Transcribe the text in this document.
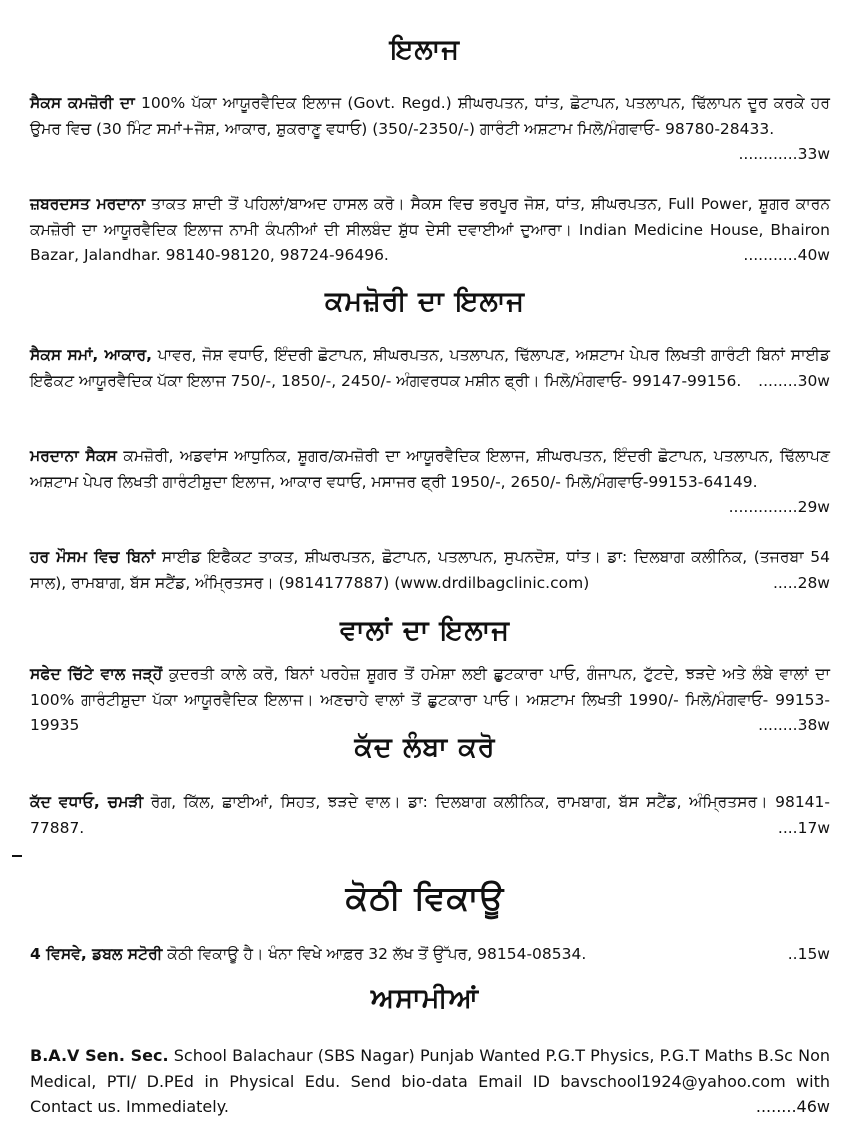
ਇਲਾਜ
ਸੈਕਸ ਕਮਜ਼ੋਰੀ ਦਾ 100% ਪੱਕਾ ਆਯੂਰਵੈਦਿਕ ਇਲਾਜ (Govt. Regd.) ਸ਼ੀਘਰਪਤਨ, ਧਾਂਤ, ਛੋਟਾਪਨ, ਪਤਲਾਪਨ, ਢਿੱਲਾਪਨ ਦੂਰ ਕਰਕੇ ਹਰ ਉਮਰ ਵਿਚ (30 ਮਿੰਟ ਸਮਾਂ+ਜੋਸ਼, ਆਕਾਰ, ਸ਼ੁਕਰਾਣੂ ਵਧਾਓ) (350/-2350/-) ਗਾਰੰਟੀ ਅਸ਼ਟਾਮ ਮਿਲੋ/ਮੰਗਵਾਓ- 98780-28433.
............33w
ਜ਼ਬਰਦਸਤ ਮਰਦਾਨਾ ਤਾਕਤ ਸ਼ਾਦੀ ਤੋਂ ਪਹਿਲਾਂ/ਬਾਅਦ ਹਾਸਲ ਕਰੋ। ਸੈਕਸ ਵਿਚ ਭਰਪੂਰ ਜੋਸ਼, ਧਾਂਤ, ਸ਼ੀਘਰਪਤਨ, Full Power, ਸ਼ੂਗਰ ਕਾਰਨ ਕਮਜ਼ੋਰੀ ਦਾ ਆਯੂਰਵੈਦਿਕ ਇਲਾਜ ਨਾਮੀ ਕੰਪਨੀਆਂ ਦੀ ਸੀਲਬੰਦ ਸ਼ੁੱਧ ਦੇਸੀ ਦਵਾਈਆਂ ਦੁਆਰਾ। Indian Medicine House, Bhairon Bazar, Jalandhar. 98140-98120, 98724-96496.	...........40w
ਕਮਜ਼ੋਰੀ ਦਾ ਇਲਾਜ
ਸੈਕਸ ਸਮਾਂ, ਆਕਾਰ, ਪਾਵਰ, ਜੋਸ਼ ਵਧਾਓ, ਇੰਦਰੀ ਛੋਟਾਪਨ, ਸ਼ੀਘਰਪਤਨ, ਪਤਲਾਪਨ, ਢਿੱਲਾਪਣ, ਅਸ਼ਟਾਮ ਪੇਪਰ ਲਿਖਤੀ ਗਾਰੰਟੀ ਬਿਨਾਂ ਸਾਈਡ ਇਫੈਕਟ ਆਯੂਰਵੈਦਿਕ ਪੱਕਾ ਇਲਾਜ 750/-, 1850/-, 2450/- ਅੰਗਵਰਧਕ ਮਸ਼ੀਨ ਫ੍ਰੀ। ਮਿਲੋ/ਮੰਗਵਾਓ- 99147-99156. ........30w
ਮਰਦਾਨਾ ਸੈਕਸ ਕਮਜ਼ੋਰੀ, ਅਡਵਾਂਸ ਆਧੁਨਿਕ, ਸ਼ੂਗਰ/ਕਮਜ਼ੋਰੀ ਦਾ ਆਯੂਰਵੈਦਿਕ ਇਲਾਜ, ਸ਼ੀਘਰਪਤਨ, ਇੰਦਰੀ ਛੋਟਾਪਨ, ਪਤਲਾਪਨ, ਢਿੱਲਾਪਣ ਅਸ਼ਟਾਮ ਪੇਪਰ ਲਿਖਤੀ ਗਾਰੰਟੀਸ਼ੁਦਾ ਇਲਾਜ, ਆਕਾਰ ਵਧਾਓ, ਮਸਾਜਰ ਫ੍ਰੀ 1950/-, 2650/- ਮਿਲੋ/ਮੰਗਵਾਓ-99153-64149.
..............29w
ਹਰ ਮੌਸਮ ਵਿਚ ਬਿਨਾਂ ਸਾਈਡ ਇਫੈਕਟ ਤਾਕਤ, ਸ਼ੀਘਰਪਤਨ, ਛੋਟਾਪਨ, ਪਤਲਾਪਨ, ਸੁਪਨਦੋਸ਼, ਧਾਂਤ। ਡਾ: ਦਿਲਬਾਗ ਕਲੀਨਿਕ, (ਤਜਰਬਾ 54 ਸਾਲ), ਰਾਮਬਾਗ, ਬੱਸ ਸਟੈਂਡ, ਅੰਮ੍ਰਿਤਸਰ। (9814177887) (www.drdilbagclinic.com)	.....28w
ਵਾਲਾਂ ਦਾ ਇਲਾਜ
ਸਫੇਦ ਚਿੱਟੇ ਵਾਲ ਜੜ੍ਹੋਂ ਕੁਦਰਤੀ ਕਾਲੇ ਕਰੋ, ਬਿਨਾਂ ਪਰਹੇਜ਼ ਸ਼ੂਗਰ ਤੋਂ ਹਮੇਸ਼ਾ ਲਈ ਛੁਟਕਾਰਾ ਪਾਓ, ਗੰਜਾਪਨ, ਟੁੱਟਦੇ, ਝੜਦੇ ਅਤੇ ਲੰਬੇ ਵਾਲਾਂ ਦਾ 100% ਗਾਰੰਟੀਸ਼ੁਦਾ ਪੱਕਾ ਆਯੂਰਵੈਦਿਕ ਇਲਾਜ। ਅਣਚਾਹੇ ਵਾਲਾਂ ਤੋਂ ਛੁਟਕਾਰਾ ਪਾਓ। ਅਸ਼ਟਾਮ ਲਿਖਤੀ 1990/- ਮਿਲੋ/ਮੰਗਵਾਓ- 99153-19935	........38w
ਕੱਦ ਲੰਬਾ ਕਰੋ
ਕੱਦ ਵਧਾਓ, ਚਮੜੀ ਰੋਗ, ਕਿੱਲ, ਛਾਈਆਂ, ਸਿਹਤ, ਝੜਦੇ ਵਾਲ। ਡਾ: ਦਿਲਬਾਗ ਕਲੀਨਿਕ, ਰਾਮਬਾਗ, ਬੱਸ ਸਟੈਂਡ, ਅੰਮ੍ਰਿਤਸਰ। 98141-77887.	....17w
ਕੋਠੀ ਵਿਕਾਊ
4 ਵਿਸਵੇ, ਡਬਲ ਸਟੋਰੀ ਕੋਠੀ ਵਿਕਾਊ ਹੈ। ਖੰਨਾ ਵਿਖੇ ਆਫ਼ਰ 32 ਲੱਖ ਤੋਂ ਉੱਪਰ, 98154-08534.	..15w
ਅਸਾਮੀਆਂ
B.A.V Sen. Sec. School Balachaur (SBS Nagar) Punjab Wanted P.G.T Physics, P.G.T Maths B.Sc Non Medical, PTI/ D.PEd in Physical Edu. Send bio-data Email ID bavschool1924@yahoo.com with Contact us. Immediately.	........46w
